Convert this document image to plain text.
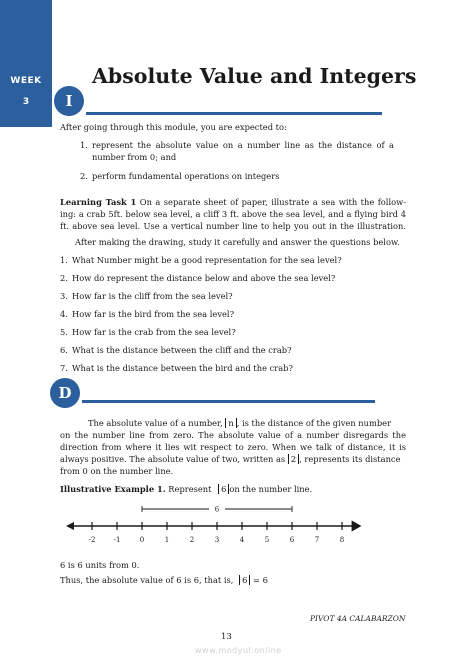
WEEK
3
Absolute Value and Integers
I
After going through this module, you are expected to:
1. represent the absolute value on a number line as the distance of a
number from 0; and
2. perform fundamental operations on integers
Learning Task 1 On a separate sheet of paper, illustrate a sea with the follow-
ing: a crab 5ft. below sea level, a cliff 3 ft. above the sea level, and a flying bird 4
ft. above sea level. Use a vertical number line to help you out in the illustration.
After making the drawing, study it carefully and answer the questions below.
1. What Number might be a good representation for the sea level?
2. How do represent the distance below and above the sea level?
3. How far is the cliff from the sea level?
4. How far is the bird from the sea level?
5. How far is the crab from the sea level?
6. What is the distance between the cliff and the crab?
7. What is the distance between the bird and the crab?
D
The absolute value of a number, n , is the distance of the given number
on the number line from zero. The absolute value of a number disregards the
direction from where it lies wit respect to zero. When we talk of distance, it is
always positive. The absolute value of two, written as 2 , represents its distance
from 0 on the number line.
Illustrative Example 1. Represent 6 on the number line.
-2	-1	0	1	2	3	4	5	6	7	8
6
6 is 6 units from 0.
Thus, the absolute value of 6 is 6, that is, 6 = 6
PIVOT 4A CALABARZON
13
www.modyul.online
